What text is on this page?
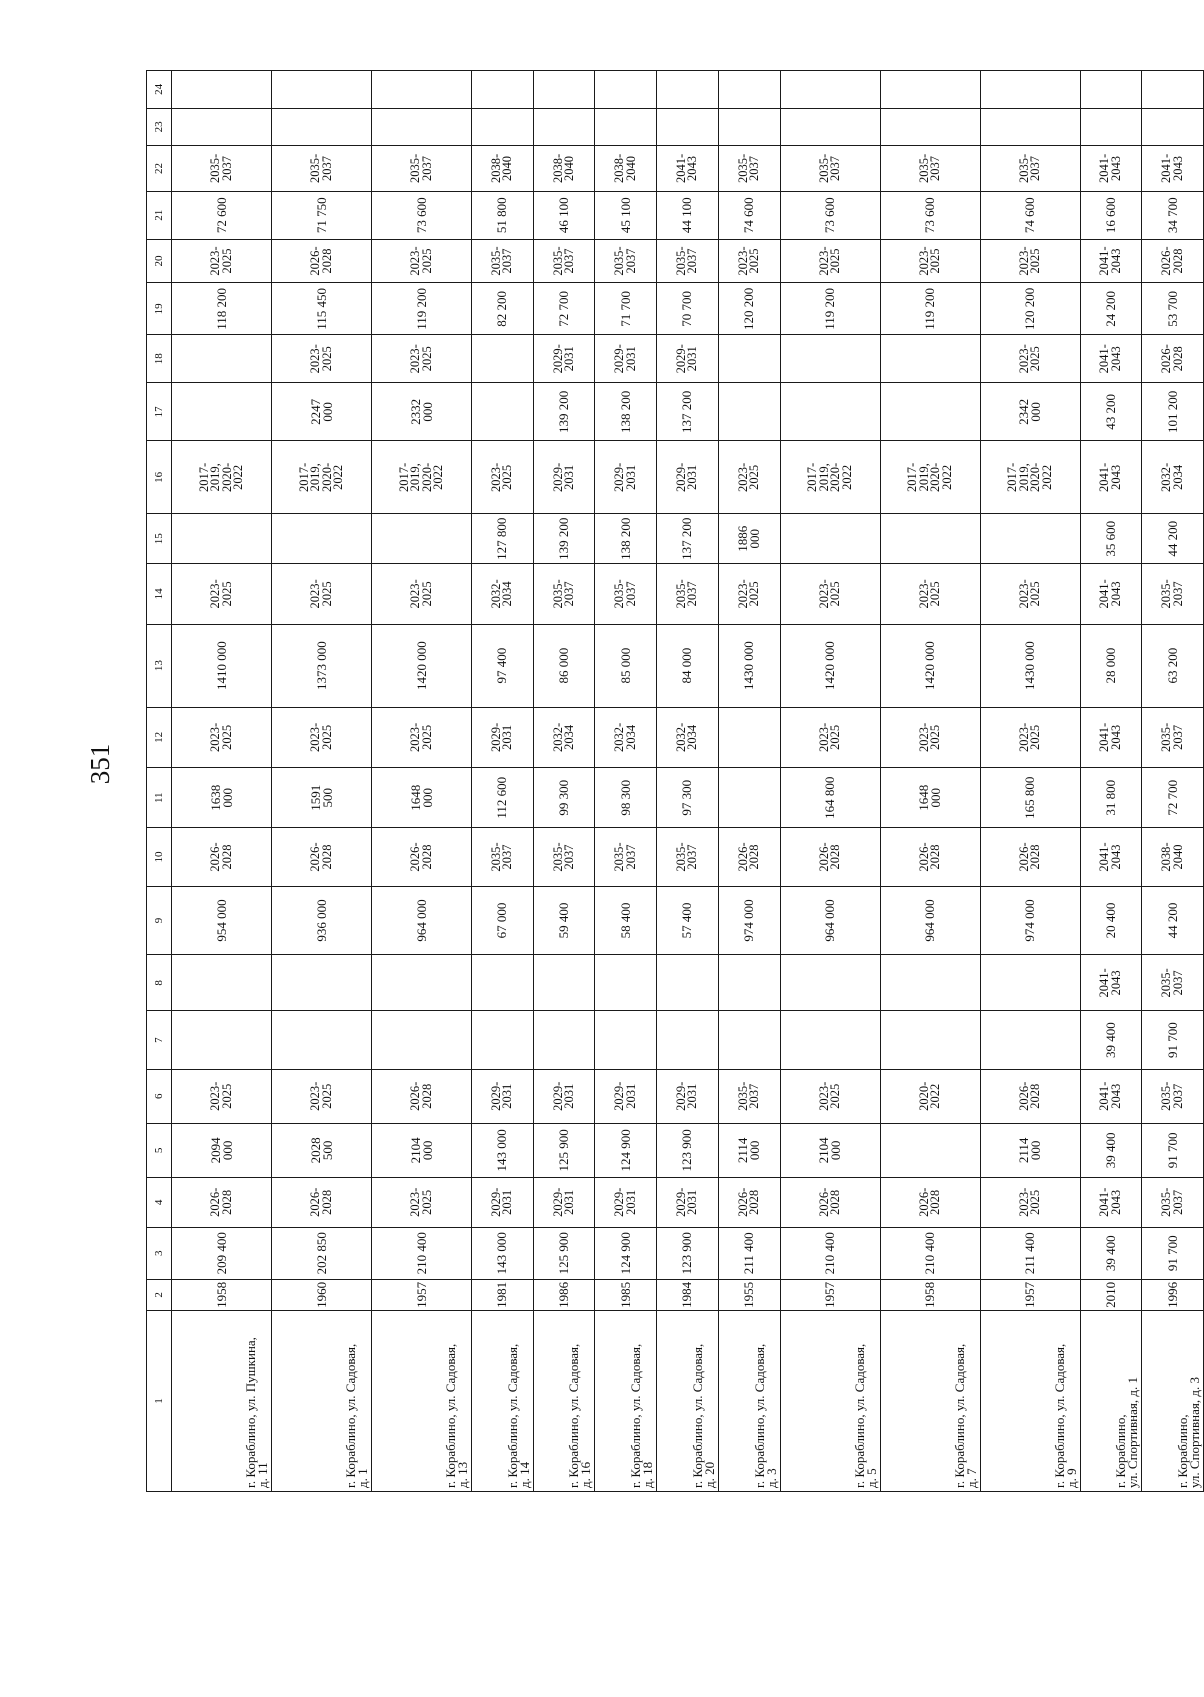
351
1	2	3	4	5	6	7	8	9	10	11	12	13	14	15	16	17	18	19	20	21	22	23	24
г. Кораблино, ул. Пушкина,
д. 11	1958	209 400	2026-
2028	2094
000	2023-
2025			954 000	2026-
2028	1638
000	2023-
2025	1410 000	2023-
2025		2017-
2019,
2020-
2022			118 200	2023-
2025	72 600	2035-
2037		
г. Кораблино, ул. Садовая,
д. 1	1960	202 850	2026-
2028	2028
500	2023-
2025			936 000	2026-
2028	1591
500	2023-
2025	1373 000	2023-
2025		2017-
2019,
2020-
2022	2247
000	2023-
2025	115 450	2026-
2028	71 750	2035-
2037		
г. Кораблино, ул. Садовая,
д. 13	1957	210 400	2023-
2025	2104
000	2026-
2028			964 000	2026-
2028	1648
000	2023-
2025	1420 000	2023-
2025		2017-
2019,
2020-
2022	2332
000	2023-
2025	119 200	2023-
2025	73 600	2035-
2037		
г. Кораблино, ул. Садовая,
д. 14	1981	143 000	2029-
2031	143 000	2029-
2031			67 000	2035-
2037	112 600	2029-
2031	97 400	2032-
2034	127 800	2023-
2025			82 200	2035-
2037	51 800	2038-
2040		
г. Кораблино, ул. Садовая,
д. 16	1986	125 900	2029-
2031	125 900	2029-
2031			59 400	2035-
2037	99 300	2032-
2034	86 000	2035-
2037	139 200	2029-
2031	139 200	2029-
2031	72 700	2035-
2037	46 100	2038-
2040		
г. Кораблино, ул. Садовая,
д. 18	1985	124 900	2029-
2031	124 900	2029-
2031			58 400	2035-
2037	98 300	2032-
2034	85 000	2035-
2037	138 200	2029-
2031	138 200	2029-
2031	71 700	2035-
2037	45 100	2038-
2040		
г. Кораблино, ул. Садовая,
д. 20	1984	123 900	2029-
2031	123 900	2029-
2031			57 400	2035-
2037	97 300	2032-
2034	84 000	2035-
2037	137 200	2029-
2031	137 200	2029-
2031	70 700	2035-
2037	44 100	2041-
2043		
г. Кораблино, ул. Садовая,
д. 3	1955	211 400	2026-
2028	2114
000	2035-
2037			974 000	2026-
2028			1430 000	2023-
2025	1886
000	2023-
2025			120 200	2023-
2025	74 600	2035-
2037		
г. Кораблино, ул. Садовая,
д. 5	1957	210 400	2026-
2028	2104
000	2023-
2025			964 000	2026-
2028	164 800	2023-
2025	1420 000	2023-
2025		2017-
2019,
2020-
2022			119 200	2023-
2025	73 600	2035-
2037		
г. Кораблино, ул. Садовая,
д. 7	1958	210 400	2026-
2028		2020-
2022			964 000	2026-
2028	1648
000	2023-
2025	1420 000	2023-
2025		2017-
2019,
2020-
2022			119 200	2023-
2025	73 600	2035-
2037		
г. Кораблино, ул. Садовая,
д. 9	1957	211 400	2023-
2025	2114
000	2026-
2028			974 000	2026-
2028	165 800	2023-
2025	1430 000	2023-
2025		2017-
2019,
2020-
2022	2342
000	2023-
2025	120 200	2023-
2025	74 600	2035-
2037		
г. Кораблино,
ул. Спортивная, д. 1	2010	39 400	2041-
2043	39 400	2041-
2043	39 400	2041-
2043	20 400	2041-
2043	31 800	2041-
2043	28 000	2041-
2043	35 600	2041-
2043	43 200	2041-
2043	24 200	2041-
2043	16 600	2041-
2043		
г. Кораблино,
ул. Спортивная, д. 3	1996	91 700	2035-
2037	91 700	2035-
2037	91 700	2035-
2037	44 200	2038-
2040	72 700	2035-
2037	63 200	2035-
2037	44 200	2032-
2034	101 200	2026-
2028	53 700	2026-
2028	34 700	2041-
2043		
